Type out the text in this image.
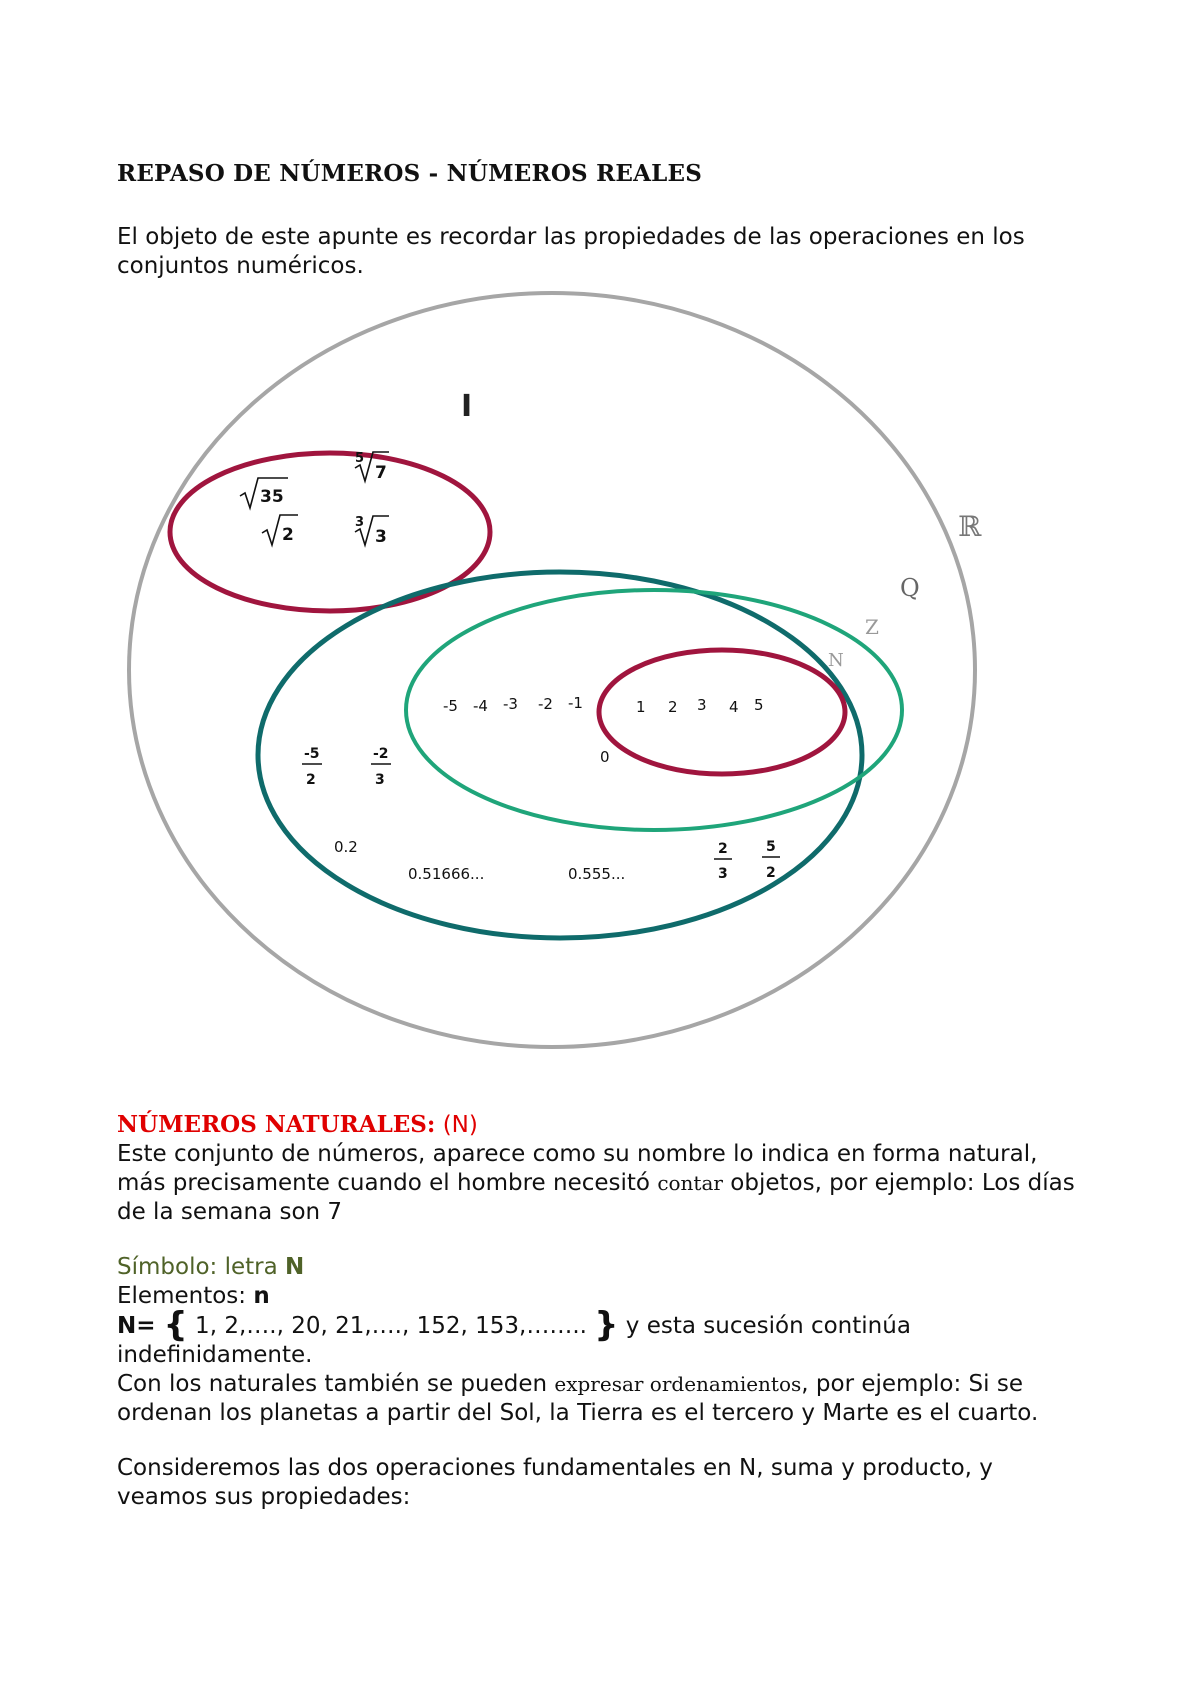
REPASO DE NÚMEROS - NÚMEROS REALES

El objeto de este apunte es recordar las propiedades de las operaciones en los conjuntos numéricos.

ℝ
Q
Z
N
I
35
2
5
7
3
3
-5 -4 -3 -2 -1	1 2 3 4 5
0
-5
2
-2
3
2
3
5
2
0.2
0.51666...	0.555...

NÚMEROS NATURALES: (N)

Este conjunto de números, aparece como su nombre lo indica en forma natural, más precisamente cuando el hombre necesitó contar objetos, por ejemplo: Los días de la semana son 7

Símbolo: letra N

Elementos: n

N= { 1, 2,…., 20, 21,…., 152, 153,…….. } y esta sucesión continúa indefinidamente.

Con los naturales también se pueden expresar ordenamientos, por ejemplo: Si se ordenan los planetas a partir del Sol, la Tierra es el tercero y Marte es el cuarto.

Consideremos las dos operaciones fundamentales en N, suma y producto, y veamos sus propiedades:
